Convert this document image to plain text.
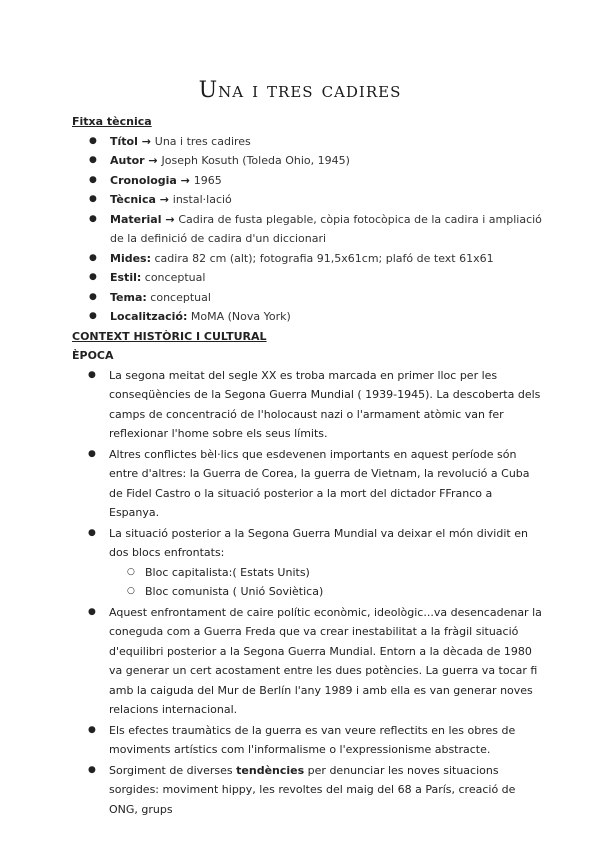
Una i tres cadires
Fitxa tècnica
● Títol → Una i tres cadires
● Autor → Joseph Kosuth (Toleda Ohio, 1945)
● Cronologia → 1965
● Tècnica → instal·lació
● Material → Cadira de fusta plegable, còpia fotocòpica de la cadira i ampliació de la definició de cadira d'un diccionari
● Mides: cadira 82 cm (alt); fotografia 91,5x61cm; plafó de text 61x61
● Estil: conceptual
● Tema: conceptual
● Localització: MoMA (Nova York)
CONTEXT HISTÒRIC I CULTURAL
ÈPOCA
● La segona meitat del segle XX es troba marcada en primer lloc per les conseqüències de la Segona Guerra Mundial ( 1939-1945). La descoberta dels camps de concentració de l'holocaust nazi o l'armament atòmic van fer reflexionar l'home sobre els seus límits.
● Altres conflictes bèl·lics que esdevenen importants en aquest període són entre d'altres: la Guerra de Corea, la guerra de Vietnam, la revolució a Cuba de Fidel Castro o la situació posterior a la mort del dictador FFranco a Espanya.
● La situació posterior a la Segona Guerra Mundial va deixar el món dividit en dos blocs enfrontats:
○ Bloc capitalista:( Estats Units)
○ Bloc comunista ( Unió Soviètica)
● Aquest enfrontament de caire polític econòmic, ideològic...va desencadenar la coneguda com a Guerra Freda que va crear inestabilitat a la fràgil situació d'equilibri posterior a la Segona Guerra Mundial. Entorn a la dècada de 1980 va generar un cert acostament entre les dues potències. La guerra va tocar fi amb la caiguda del Mur de Berlín l'any 1989 i amb ella es van generar noves relacions internacional.
● Els efectes traumàtics de la guerra es van veure reflectits en les obres de moviments artístics com l'informalisme o l'expressionisme abstracte.
● Sorgiment de diverses tendències per denunciar les noves situacions sorgides: moviment hippy, les revoltes del maig del 68 a París, creació de ONG, grups
